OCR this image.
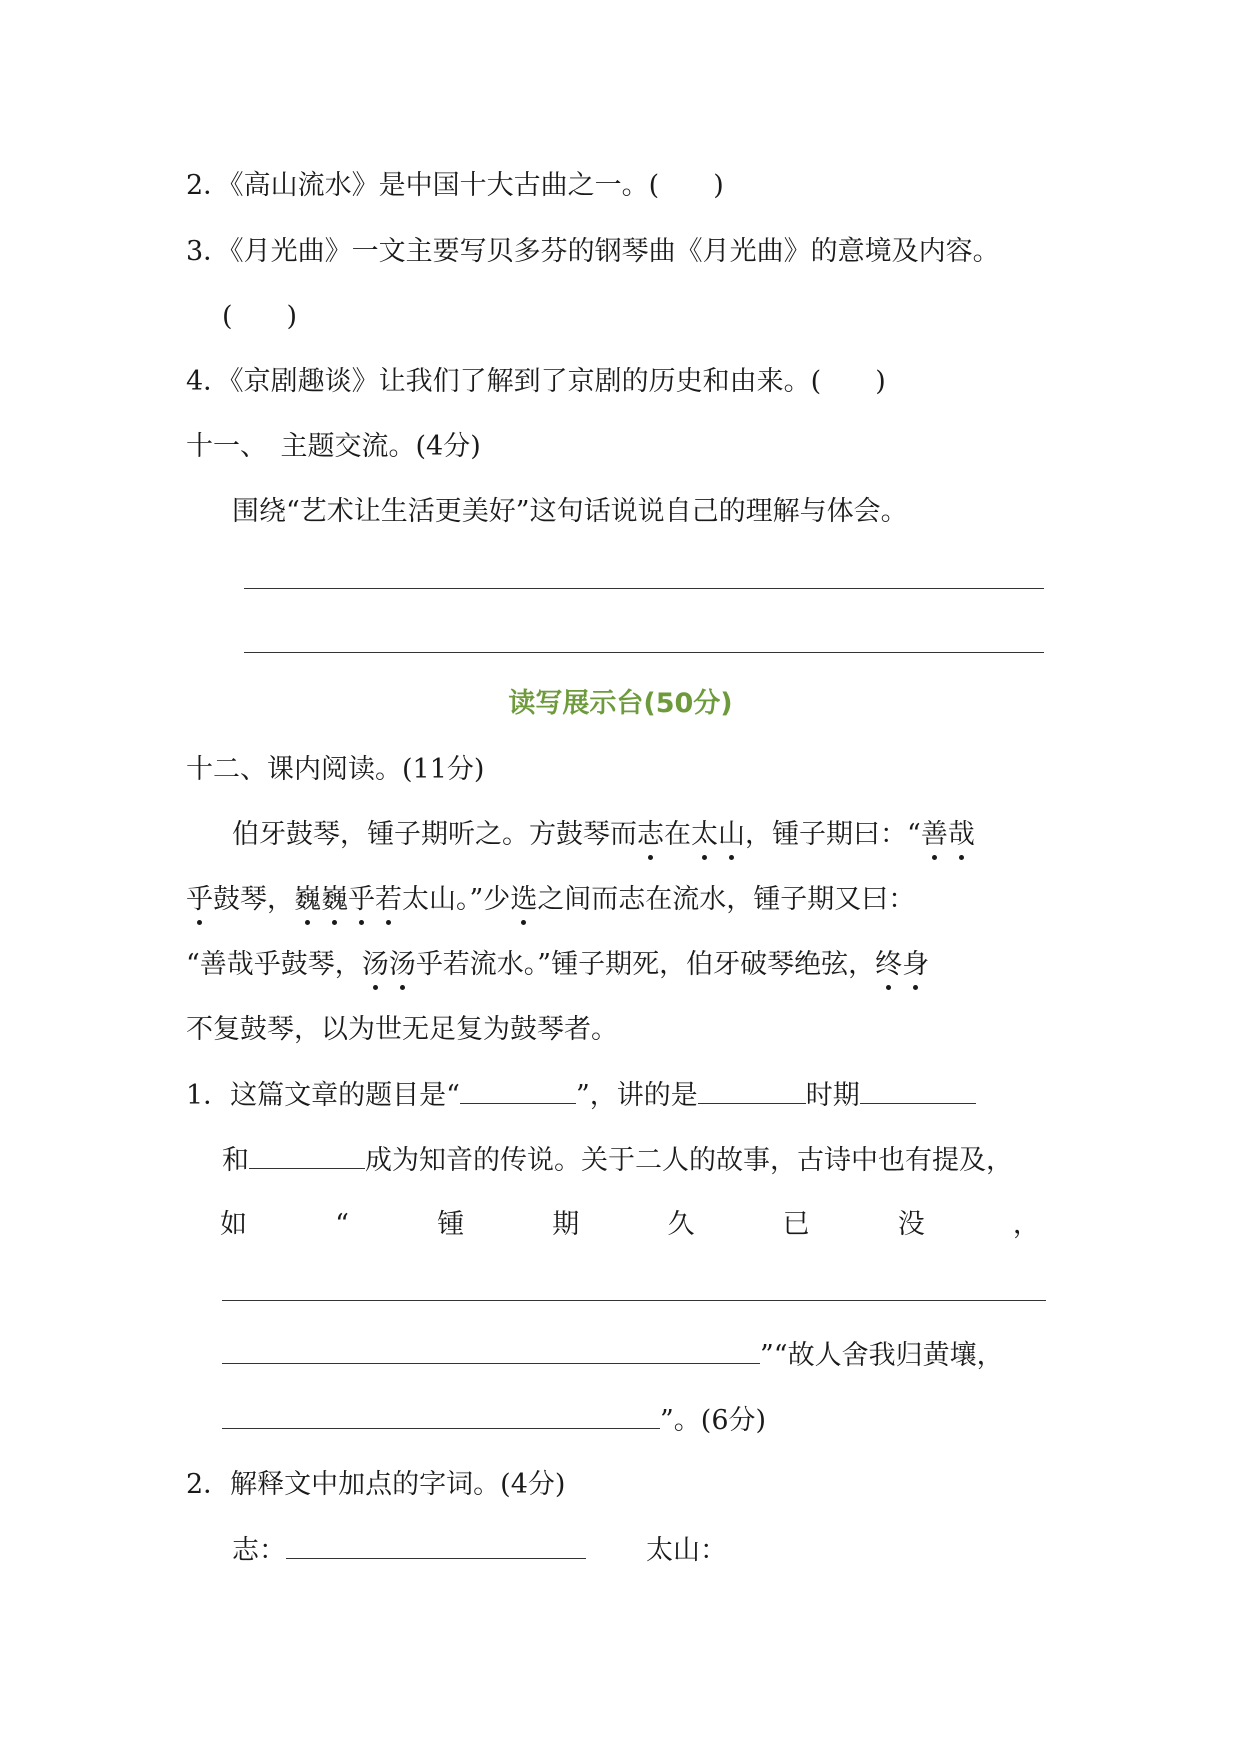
2．《高山流水》是中国十大古曲之一。(　　)
3．《月光曲》一文主要写贝多芬的钢琴曲《月光曲》的意境及内容。
(　　)
4．《京剧趣谈》让我们了解到了京剧的历史和由来。(　　)
十一、　主题交流。(4分)
围绕“艺术让生活更美好”这句话说说自己的理解与体会。
读写展示台(50分)
十二、课内阅读。(11分)
伯牙鼓琴，锺子期听之。方鼓琴而志在太山，锺子期曰：“善哉
乎鼓琴，巍巍乎若太山。”少选之间而志在流水，锺子期又曰：
“善哉乎鼓琴，汤汤乎若流水。”锺子期死，伯牙破琴绝弦，终身
不复鼓琴，以为世无足复为鼓琴者。
1．这篇文章的题目是“	”，讲的是	时期
和	成为知音的传说。关于二人的故事，古诗中也有提及，
如	“	锺	期	久	已	没	，
”“故人舍我归黄壤，
”。(6分)
2．解释文中加点的字词。(4分)
志：	太山：
